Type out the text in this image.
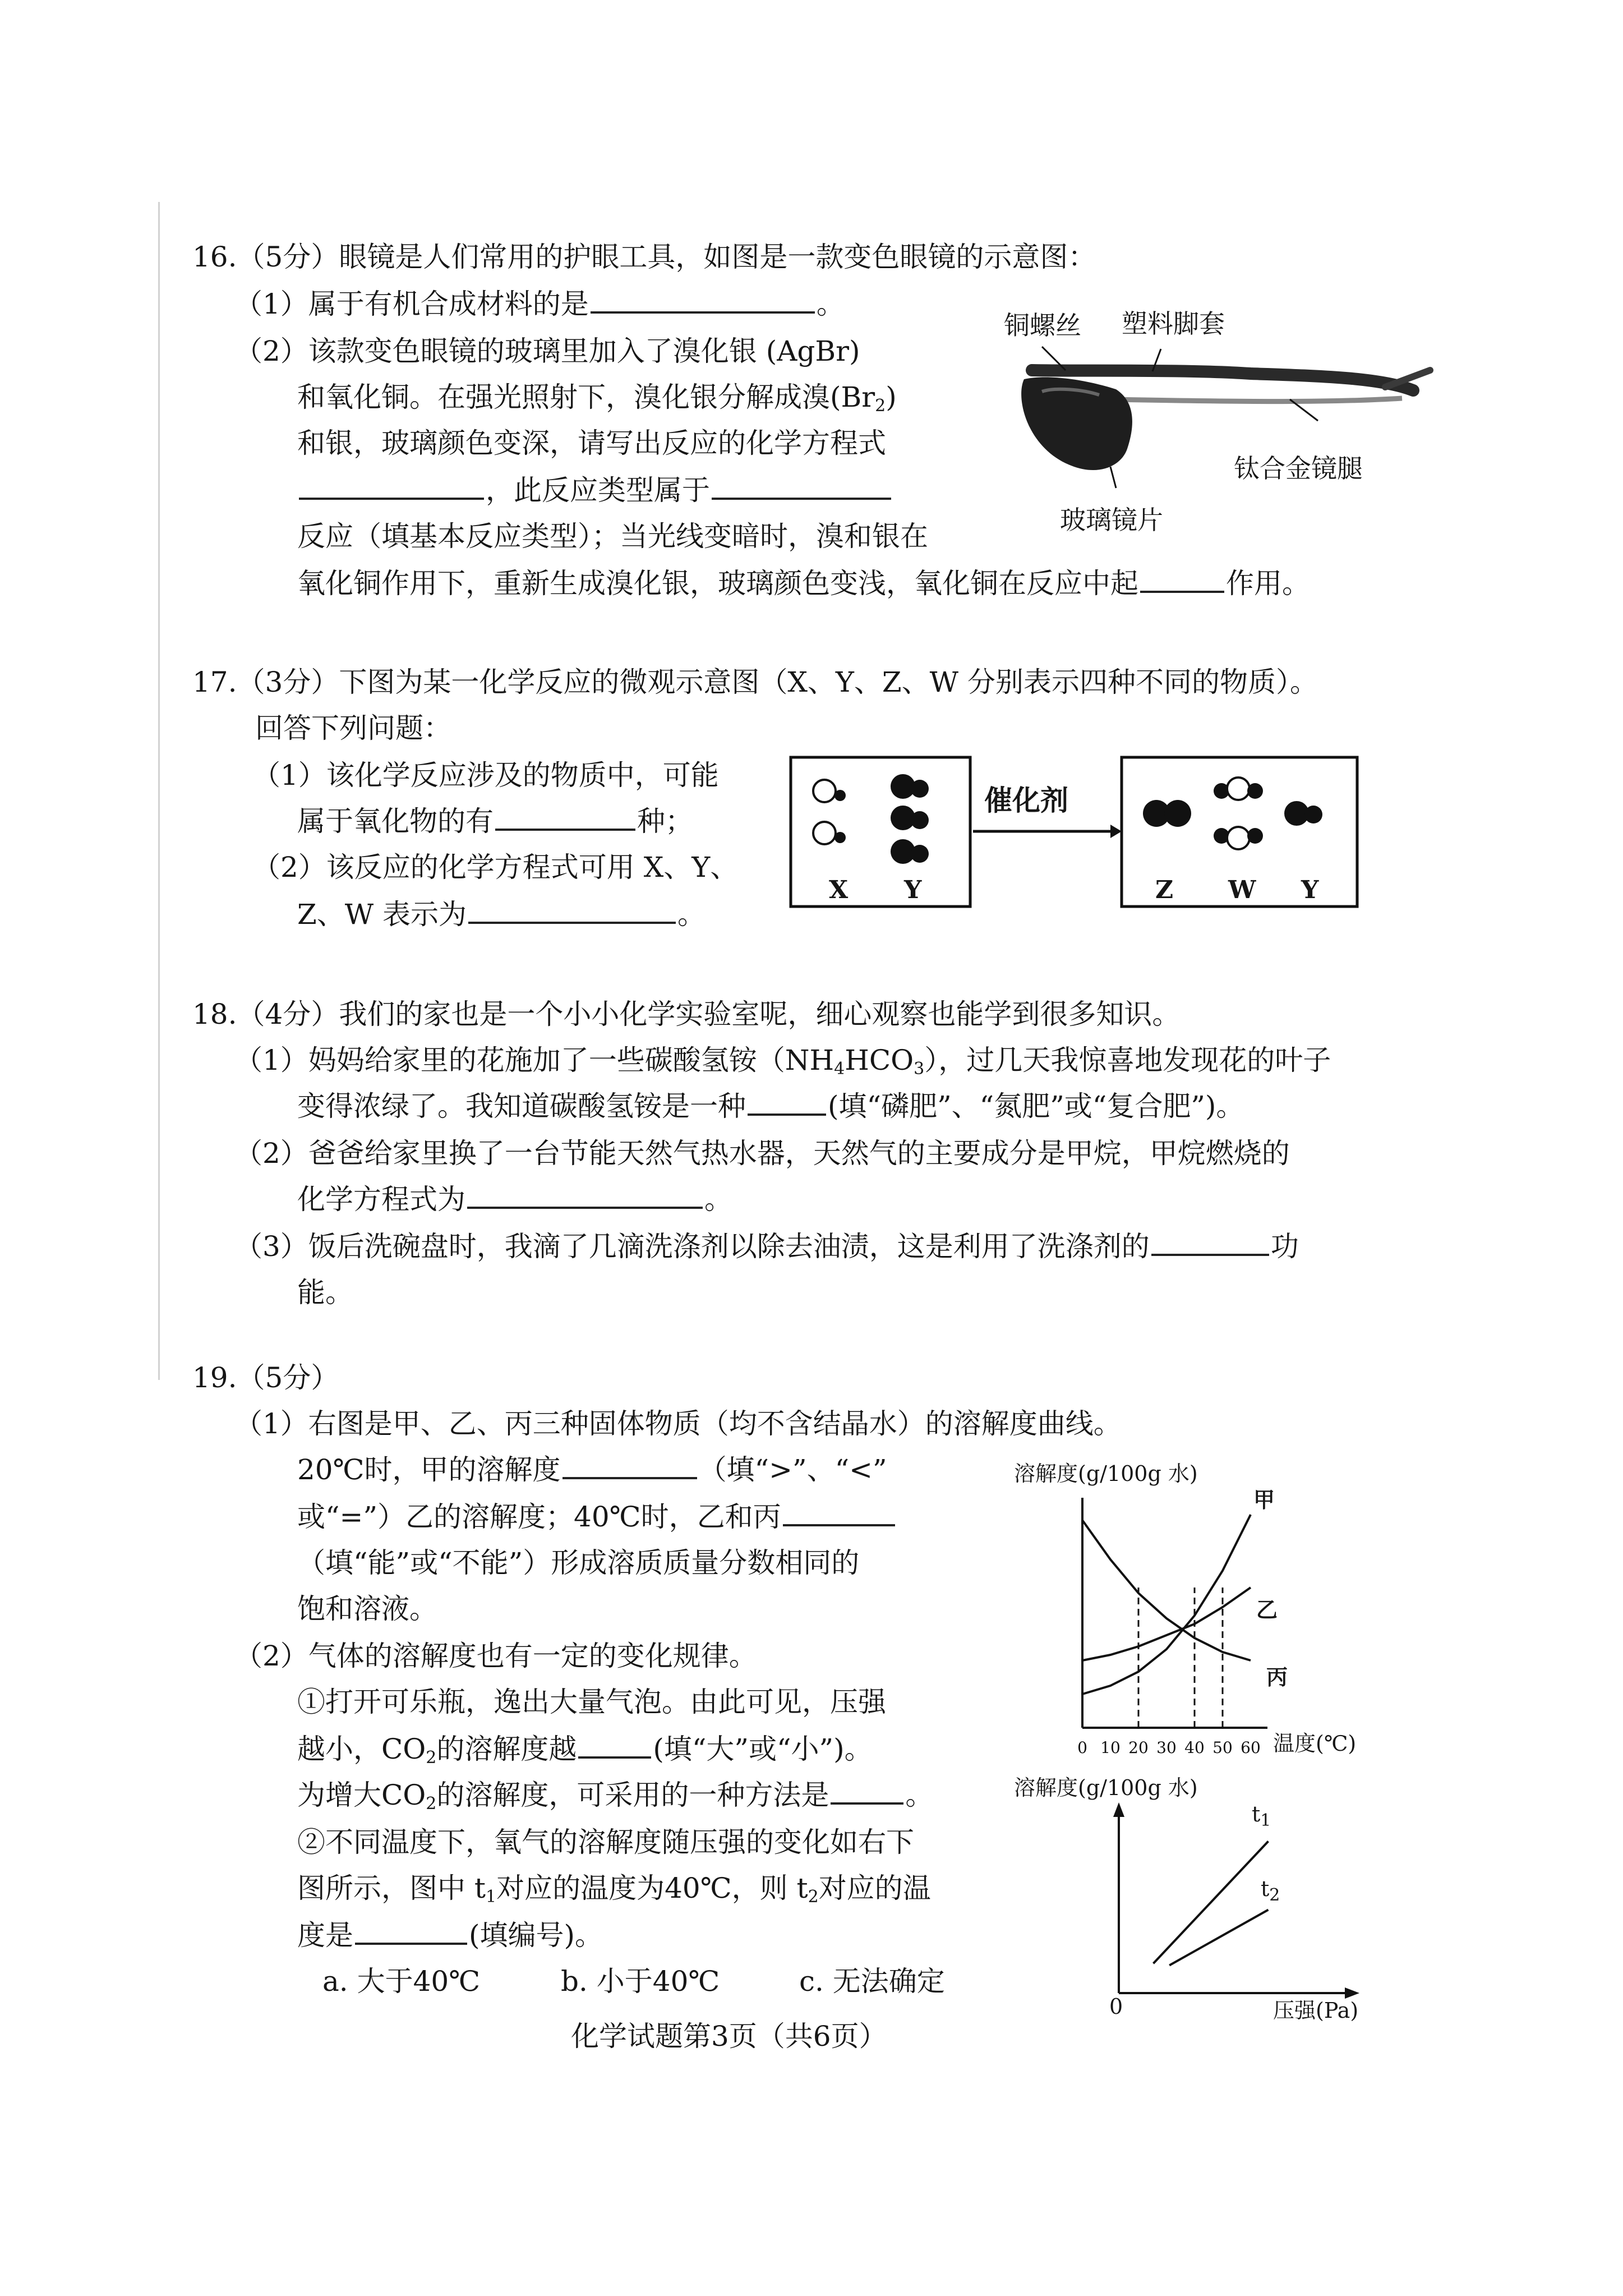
16.（5分）眼镜是人们常用的护眼工具，如图是一款变色眼镜的示意图：
（1）属于有机合成材料的是	。
（2）该款变色眼镜的玻璃里加入了溴化银 (AgBr)
和氧化铜。在强光照射下，溴化银分解成溴$(Br_2)$
和银，玻璃颜色变深，请写出反应的化学方程式
，此反应类型属于
反应（填基本反应类型）；当光线变暗时，溴和银在
氧化铜作用下，重新生成溴化银，玻璃颜色变浅，氧化铜在反应中起	作用。
铜螺丝 塑料脚套
钛合金镜腿
玻璃镜片
17.（3分）下图为某一化学反应的微观示意图（X、Y、Z、W 分别表示四种不同的物质）。
回答下列问题：
（1）该化学反应涉及的物质中，可能
属于氧化物的有	种；
（2）该反应的化学方程式可用 X、Y、
Z、W 表示为	。
催化剂
X Y	Z W Y
18.（4分）我们的家也是一个小小化学实验室呢，细心观察也能学到很多知识。
（1）妈妈给家里的花施加了一些碳酸氢铵$(NH_4HCO_3)$，过几天我惊喜地发现花的叶子
变得浓绿了。我知道碳酸氢铵是一种	(填“磷肥”、“氮肥”或“复合肥”)。
（2）爸爸给家里换了一台节能天然气热水器，天然气的主要成分是甲烷，甲烷燃烧的
化学方程式为	。
（3）饭后洗碗盘时，我滴了几滴洗涤剂以除去油渍，这是利用了洗涤剂的	功
能。
19.（5分）
（1）右图是甲、乙、丙三种固体物质（均不含结晶水）的溶解度曲线。
20℃时，甲的溶解度	（填“>”、“<”
或“=”）乙的溶解度；40℃时，乙和丙
（填“能”或“不能”）形成溶质质量分数相同的
饱和溶液。
（2）气体的溶解度也有一定的变化规律。
①打开可乐瓶，逸出大量气泡。由此可见，压强
越小，$CO_2$的溶解度越	(填“大”或“小”)。
为增大$CO_2$的溶解度，可采用的一种方法是	。
②不同温度下，氧气的溶解度随压强的变化如右下
图所示，图中 $t_1$对应的温度为40℃，则 $t_2$对应的温
度是	(填编号)。
a. 大于40℃	b. 小于40℃	c. 无法确定
溶解度(g/100g 水)
0 10 20 30 40 50 60
甲
乙
丙
温度(℃)
溶解度(g/100g 水)
0
$t_1$
$t_2$
压强(Pa)
化学试题第3页（共6页）
